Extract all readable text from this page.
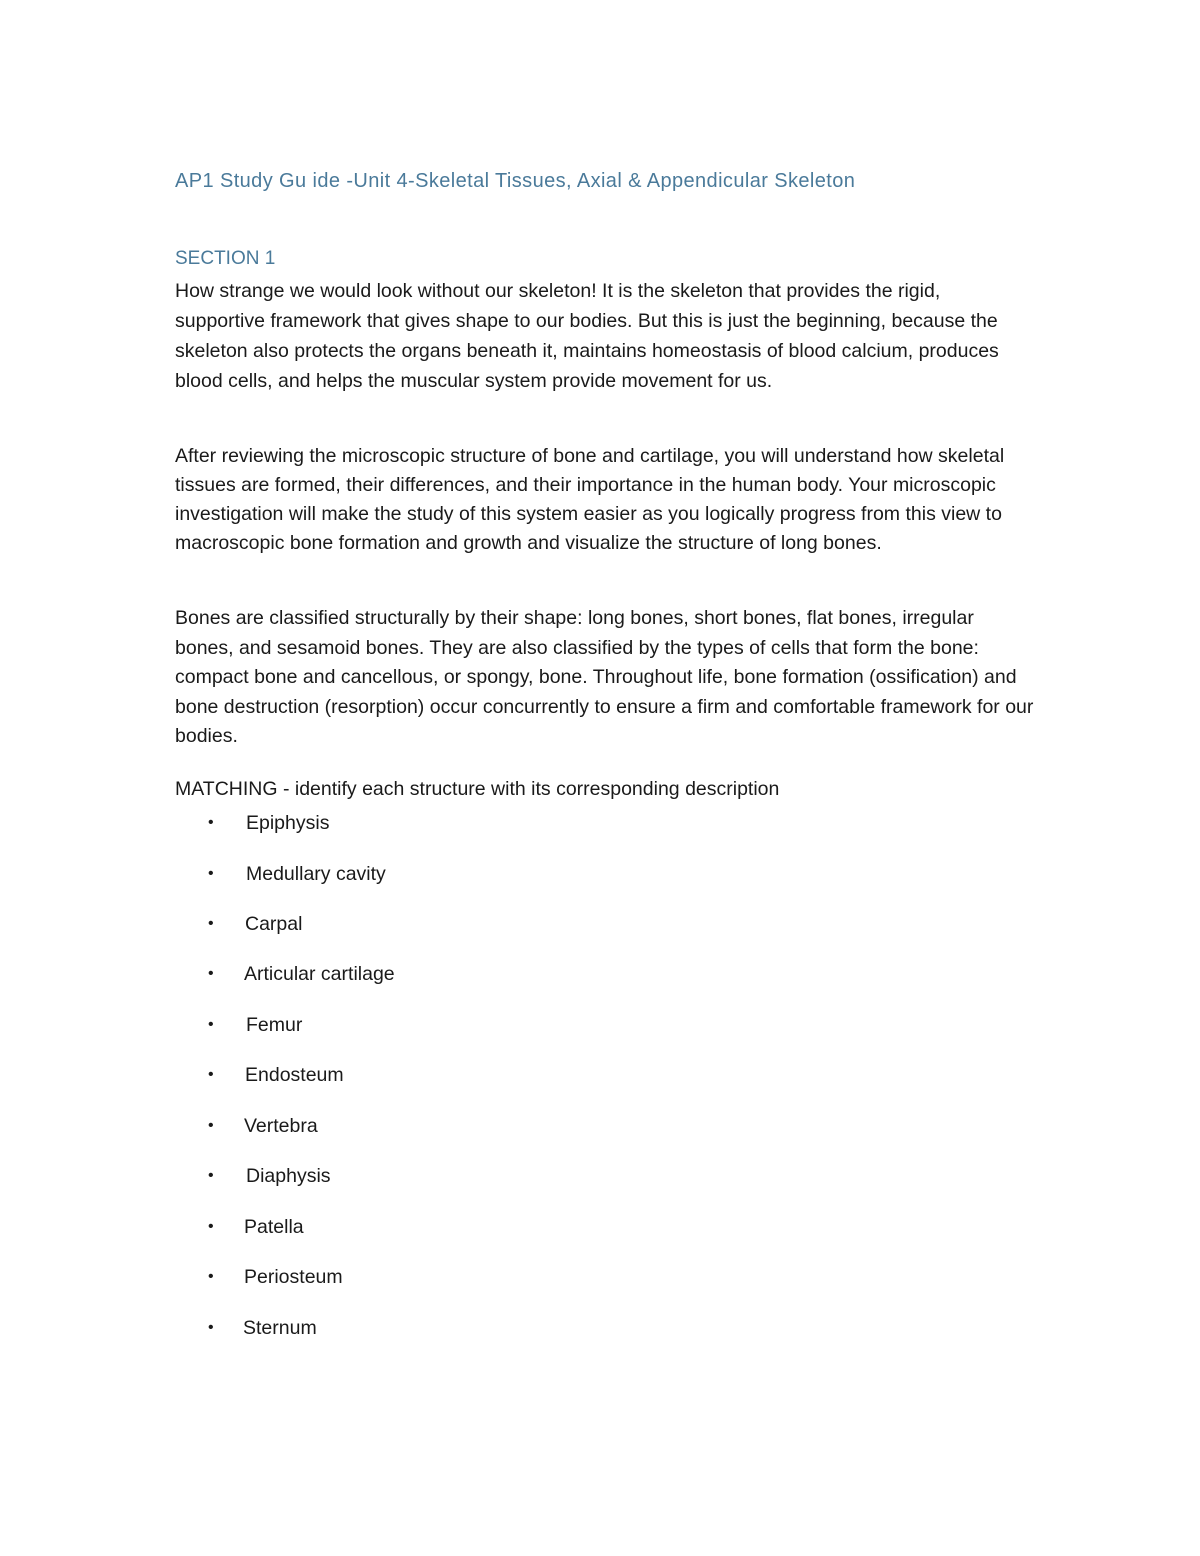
AP1 Study Gu ide -Unit 4-Skeletal Tissues, Axial & Appendicular Skeleton
SECTION 1

How strange we would look without our skeleton! It is the skeleton that provides the rigid, supportive framework that gives shape to our bodies. But this is just the beginning, because the skeleton also protects the organs beneath it, maintains homeostasis of blood calcium, produces blood cells, and helps the muscular system provide movement for us.

After reviewing the microscopic structure of bone and cartilage, you will understand how skeletal tissues are formed, their differences, and their importance in the human body. Your microscopic investigation will make the study of this system easier as you logically progress from this view to macroscopic bone formation and growth and visualize the structure of long bones.

Bones are classified structurally by their shape: long bones, short bones, flat bones, irregular bones, and sesamoid bones. They are also classified by the types of cells that form the bone: compact bone and cancellous, or spongy, bone. Throughout life, bone formation (ossification) and bone destruction (resorption) occur concurrently to ensure a firm and comfortable framework for our bodies.

MATCHING - identify each structure with its corresponding description
• Epiphysis
• Medullary cavity
• Carpal
• Articular cartilage
• Femur
• Endosteum
• Vertebra
• Diaphysis
• Patella
• Periosteum
• Sternum
